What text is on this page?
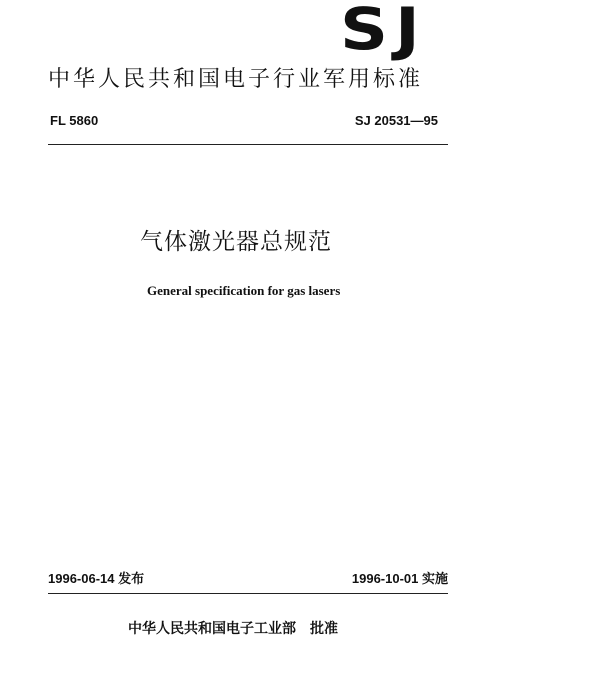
SJ
中华人民共和国电子行业军用标准
FL 5860	SJ 20531—95
气体激光器总规范
General specification for gas lasers
1996-06-14 发布	1996-10-01 实施
中华人民共和国电子工业部 批准
